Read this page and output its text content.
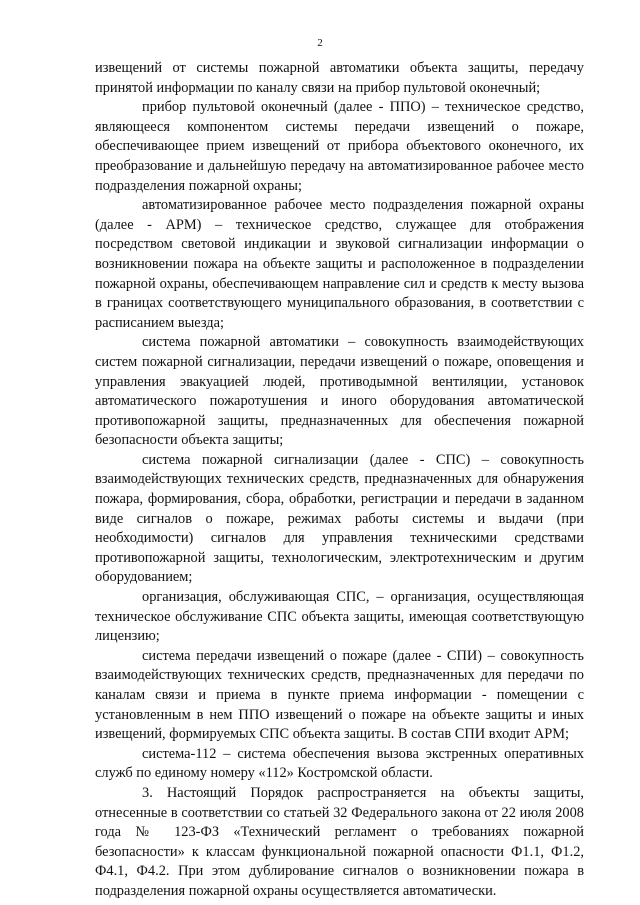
2

извещений от системы пожарной автоматики объекта защиты, передачу принятой информации по каналу связи на прибор пультовой оконечный;

прибор пультовой оконечный (далее - ППО) – техническое средство, являющееся компонентом системы передачи извещений о пожаре, обеспечивающее прием извещений от прибора объектового оконечного, их преобразование и дальнейшую передачу на автоматизированное рабочее место подразделения пожарной охраны;

автоматизированное рабочее место подразделения пожарной охраны (далее - АРМ) – техническое средство, служащее для отображения посредством световой индикации и звуковой сигнализации информации о возникновении пожара на объекте защиты и расположенное в подразделении пожарной охраны, обеспечивающем направление сил и средств к месту вызова в границах соответствующего муниципального образования, в соответствии с расписанием выезда;

система пожарной автоматики – совокупность взаимодействующих систем пожарной сигнализации, передачи извещений о пожаре, оповещения и управления эвакуацией людей, противодымной вентиляции, установок автоматического пожаротушения и иного оборудования автоматической противопожарной защиты, предназначенных для обеспечения пожарной безопасности объекта защиты;

система пожарной сигнализации (далее - СПС) – совокупность взаимодействующих технических средств, предназначенных для обнаружения пожара, формирования, сбора, обработки, регистрации и передачи в заданном виде сигналов о пожаре, режимах работы системы и выдачи (при необходимости) сигналов для управления техническими средствами противопожарной защиты, технологическим, электротехническим и другим оборудованием;

организация, обслуживающая СПС, – организация, осуществляющая техническое обслуживание СПС объекта защиты, имеющая соответствующую лицензию;

система передачи извещений о пожаре (далее - СПИ) – совокупность взаимодействующих технических средств, предназначенных для передачи по каналам связи и приема в пункте приема информации - помещении с установленным в нем ППО извещений о пожаре на объекте защиты и иных извещений, формируемых СПС объекта защиты. В состав СПИ входит АРМ;

система-112 – система обеспечения вызова экстренных оперативных служб по единому номеру «112» Костромской области.

3. Настоящий Порядок распространяется на объекты защиты, отнесенные в соответствии со статьей 32 Федерального закона от 22 июля 2008 года № 123-ФЗ «Технический регламент о требованиях пожарной безопасности» к классам функциональной пожарной опасности Ф1.1, Ф1.2, Ф4.1, Ф4.2. При этом дублирование сигналов о возникновении пожара в подразделения пожарной охраны осуществляется автоматически.
